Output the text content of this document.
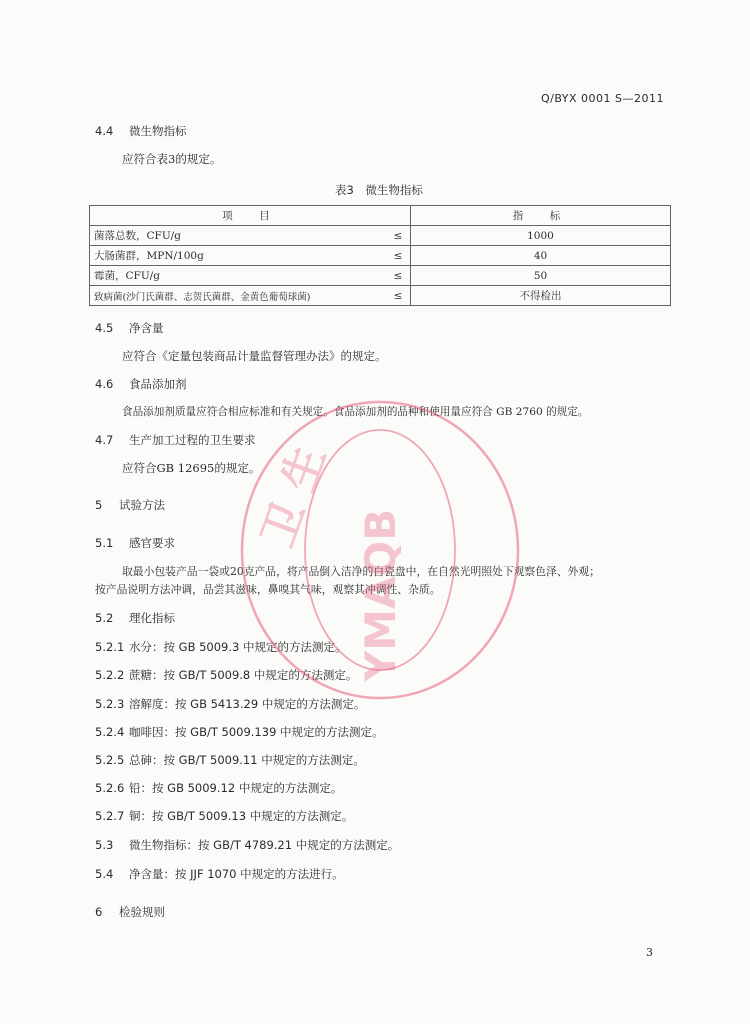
Q/BYX 0001 S—2011
4.4 微生物指标
应符合表3的规定。
表3　微生物指标
项　目		指　标
菌落总数，CFU/g	≤	1000
大肠菌群，MPN/100g	≤	40
霉菌，CFU/g	≤	50
致病菌(沙门氏菌群、志贺氏菌群、金黄色葡萄球菌)	≤	不得检出
4.5 净含量
应符合《定量包装商品计量监督管理办法》的规定。
4.6 食品添加剂
食品添加剂质量应符合相应标准和有关规定。食品添加剂的品种和使用量应符合 GB 2760 的规定。
4.7 生产加工过程的卫生要求
应符合GB 12695的规定。
5 试验方法
5.1 感官要求
取最小包装产品一袋或20克产品，将产品倒入洁净的白瓷盘中，在自然光明照处下观察色泽、外观；
按产品说明方法冲调，品尝其滋味，鼻嗅其气味，观察其冲调性、杂质。
5.2 理化指标
5.2.1 水分：按 GB 5009.3 中规定的方法测定。
5.2.2 蔗糖：按 GB/T 5009.8 中规定的方法测定。
5.2.3 溶解度：按 GB 5413.29 中规定的方法测定。
5.2.4 咖啡因：按 GB/T 5009.139 中规定的方法测定。
5.2.5 总砷：按 GB/T 5009.11 中规定的方法测定。
5.2.6 铅：按 GB 5009.12 中规定的方法测定。
5.2.7 铜：按 GB/T 5009.13 中规定的方法测定。
5.3 微生物指标：按 GB/T 4789.21 中规定的方法测定。
5.4 净含量：按 JJF 1070 中规定的方法进行。
6 检验规则
3
卫 生
YMAQB
